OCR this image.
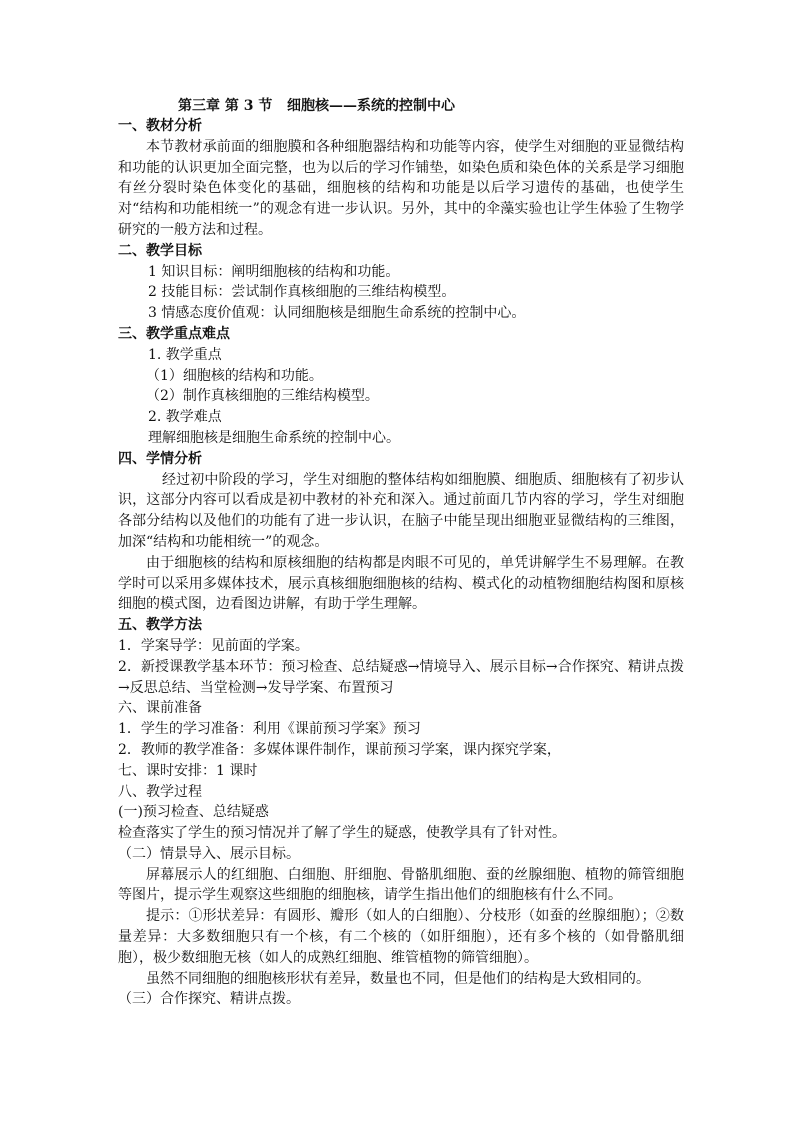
第三章 第 3 节   细胞核——系统的控制中心
一、教材分析

本节教材承前面的细胞膜和各种细胞器结构和功能等内容，使学生对细胞的亚显微结构和功能的认识更加全面完整，也为以后的学习作铺垫，如染色质和染色体的关系是学习细胞有丝分裂时染色体变化的基础，细胞核的结构和功能是以后学习遗传的基础，也使学生对“结构和功能相统一”的观念有进一步认识。另外，其中的伞藻实验也让学生体验了生物学研究的一般方法和过程。

二、教学目标

1 知识目标：阐明细胞核的结构和功能。

2 技能目标：尝试制作真核细胞的三维结构模型。

3 情感态度价值观：认同细胞核是细胞生命系统的控制中心。

三、教学重点难点

1. 教学重点

（1）细胞核的结构和功能。

（2）制作真核细胞的三维结构模型。

2. 教学难点

理解细胞核是细胞生命系统的控制中心。

四、学情分析

经过初中阶段的学习，学生对细胞的整体结构如细胞膜、细胞质、细胞核有了初步认识，这部分内容可以看成是初中教材的补充和深入。通过前面几节内容的学习，学生对细胞各部分结构以及他们的功能有了进一步认识，在脑子中能呈现出细胞亚显微结构的三维图，加深“结构和功能相统一”的观念。

由于细胞核的结构和原核细胞的结构都是肉眼不可见的，单凭讲解学生不易理解。在教学时可以采用多媒体技术，展示真核细胞细胞核的结构、模式化的动植物细胞结构图和原核细胞的模式图，边看图边讲解，有助于学生理解。

五、教学方法

1．学案导学：见前面的学案。

2．新授课教学基本环节：预习检查、总结疑惑→情境导入、展示目标→合作探究、精讲点拨→反思总结、当堂检测→发导学案、布置预习

六、课前准备

1．学生的学习准备：利用《课前预习学案》预习

2．教师的教学准备：多媒体课件制作，课前预习学案，课内探究学案，

七、课时安排：1 课时
八、教学过程

(一)预习检查、总结疑惑

检查落实了学生的预习情况并了解了学生的疑惑，使教学具有了针对性。

（二）情景导入、展示目标。

屏幕展示人的红细胞、白细胞、肝细胞、骨骼肌细胞、蚕的丝腺细胞、植物的筛管细胞等图片，提示学生观察这些细胞的细胞核，请学生指出他们的细胞核有什么不同。

提示：①形状差异：有圆形、瓣形（如人的白细胞）、分枝形（如蚕的丝腺细胞）；②数量差异：大多数细胞只有一个核，有二个核的（如肝细胞），还有多个核的（如骨骼肌细胞），极少数细胞无核（如人的成熟红细胞、维管植物的筛管细胞）。

虽然不同细胞的细胞核形状有差异，数量也不同，但是他们的结构是大致相同的。

（三）合作探究、精讲点拨。
